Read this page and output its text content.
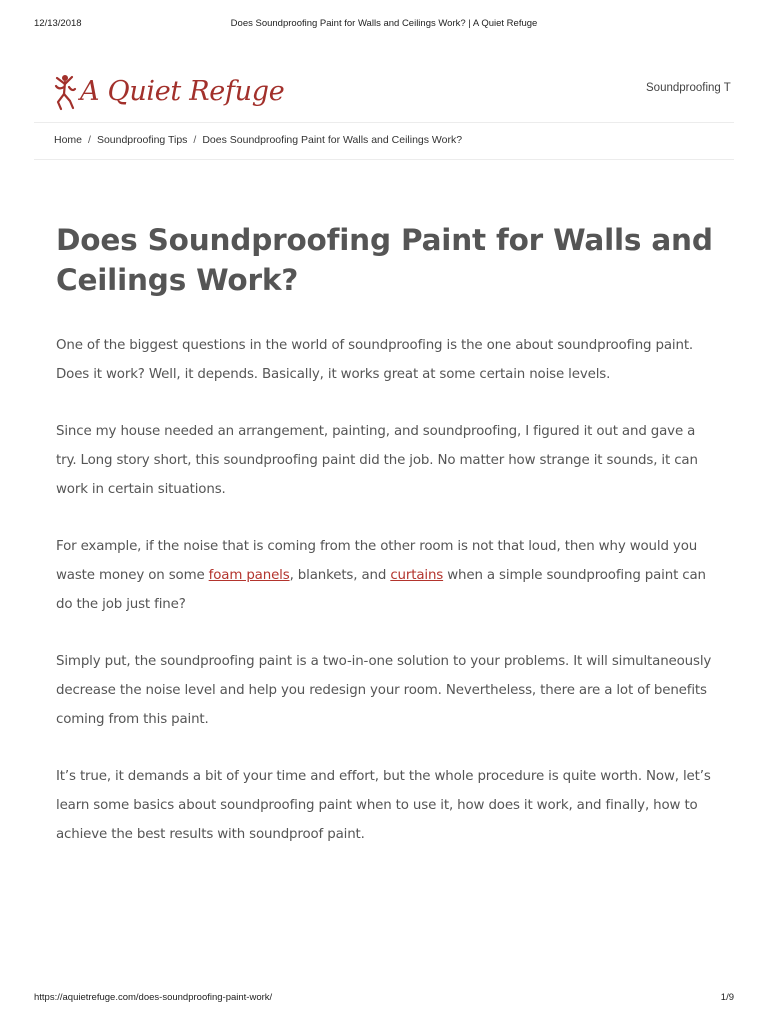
12/13/2018	Does Soundproofing Paint for Walls and Ceilings Work? | A Quiet Refuge
A Quiet Refuge	Soundproofing T
Home / Soundproofing Tips / Does Soundproofing Paint for Walls and Ceilings Work?
Does Soundproofing Paint for Walls and Ceilings Work?

One of the biggest questions in the world of soundproofing is the one about soundproofing paint. Does it work? Well, it depends. Basically, it works great at some certain noise levels.

Since my house needed an arrangement, painting, and soundproofing, I figured it out and gave a try. Long story short, this soundproofing paint did the job. No matter how strange it sounds, it can work in certain situations.

For example, if the noise that is coming from the other room is not that loud, then why would you waste money on some foam panels, blankets, and curtains when a simple soundproofing paint can do the job just fine?

Simply put, the soundproofing paint is a two-in-one solution to your problems. It will simultaneously decrease the noise level and help you redesign your room. Nevertheless, there are a lot of benefits coming from this paint.

It’s true, it demands a bit of your time and effort, but the whole procedure is quite worth. Now, let’s learn some basics about soundproofing paint when to use it, how does it work, and finally, how to achieve the best results with soundproof paint.

https://aquietrefuge.com/does-soundproofing-paint-work/	1/9
